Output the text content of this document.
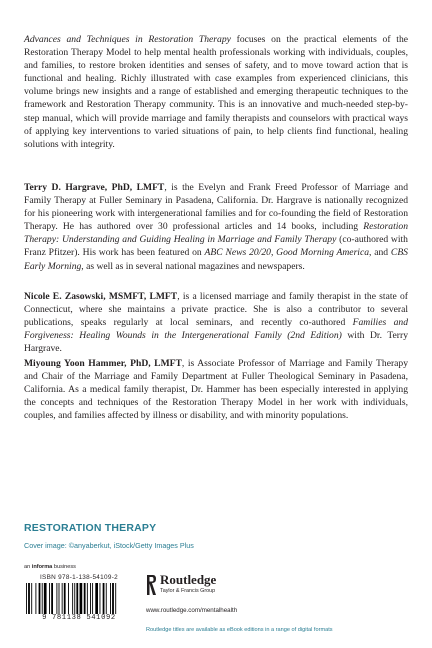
Advances and Techniques in Restoration Therapy focuses on the practical elements of the Restoration Therapy Model to help mental health professionals working with individuals, couples, and families, to restore broken identities and senses of safety, and to move toward action that is functional and healing. Richly illustrated with case examples from experienced clinicians, this volume brings new insights and a range of established and emerging therapeutic techniques to the framework and Restoration Therapy community. This is an innovative and much-needed step-by-step manual, which will provide marriage and family therapists and counselors with practical ways of applying key interventions to varied situations of pain, to help clients find functional, healing solutions with integrity.
Terry D. Hargrave, PhD, LMFT, is the Evelyn and Frank Freed Professor of Marriage and Family Therapy at Fuller Seminary in Pasadena, California. Dr. Hargrave is nationally recognized for his pioneering work with intergenerational families and for co-founding the field of Restoration Therapy. He has authored over 30 professional articles and 14 books, including Restoration Therapy: Understanding and Guiding Healing in Marriage and Family Therapy (co-authored with Franz Pfitzer). His work has been featured on ABC News 20/20, Good Morning America, and CBS Early Morning, as well as in several national magazines and newspapers.
Nicole E. Zasowski, MSMFT, LMFT, is a licensed marriage and family therapist in the state of Connecticut, where she maintains a private practice. She is also a contributor to several publications, speaks regularly at local seminars, and recently co-authored Families and Forgiveness: Healing Wounds in the Intergenerational Family (2nd Edition) with Dr. Terry Hargrave.
Miyoung Yoon Hammer, PhD, LMFT, is Associate Professor of Marriage and Family Therapy and Chair of the Marriage and Family Department at Fuller Theological Seminary in Pasadena, California. As a medical family therapist, Dr. Hammer has been especially interested in applying the concepts and techniques of the Restoration Therapy Model in her work with individuals, couples, and families affected by illness or disability, and with minority populations.
RESTORATION THERAPY
Cover image: ©anyaberkut, iStock/Getty Images Plus
an informa business
ISBN 978-1-138-54109-2
9 781138 541092
Routledge
Taylor & Francis Group
www.routledge.com/mentalhealth
Routledge titles are available as eBook editions in a range of digital formats
